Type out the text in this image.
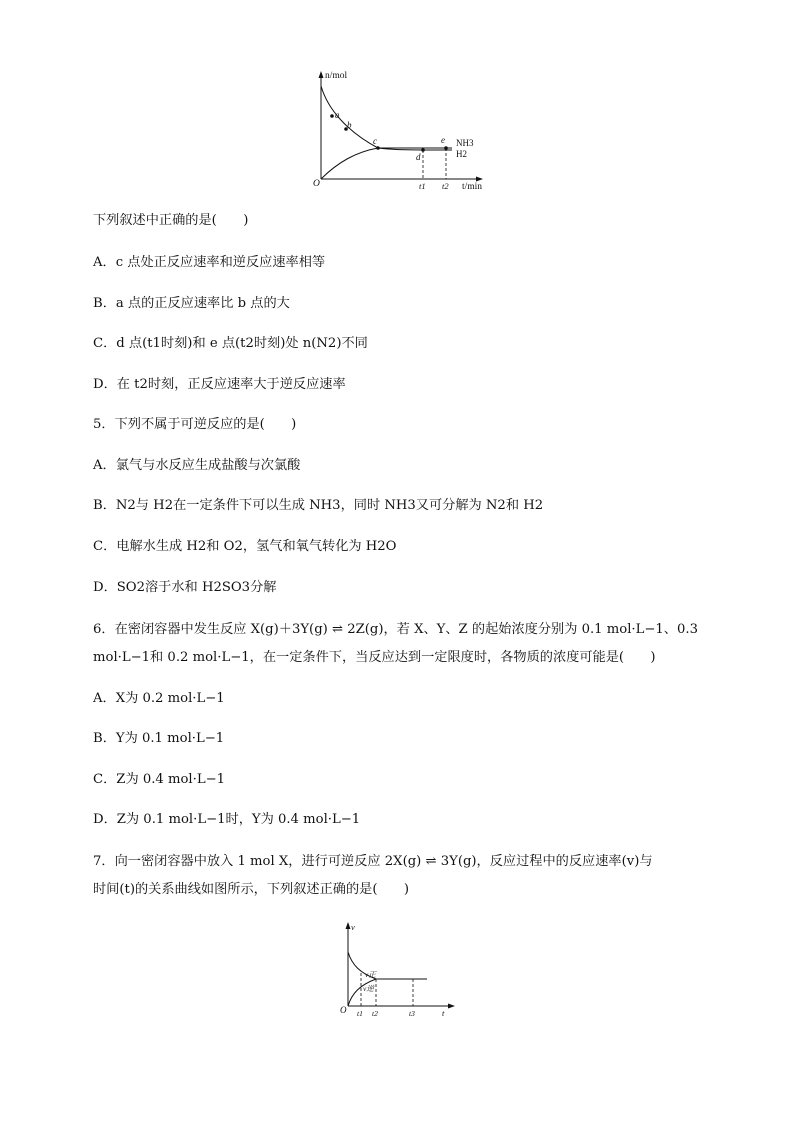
n/mol
t/min
O
a
b
c
d
e NH3
H2
t1 t2
下列叙述中正确的是(　　)
A．c 点处正反应速率和逆反应速率相等
B．a 点的正反应速率比 b 点的大
C．d 点(t1时刻)和 e 点(t2时刻)处 n(N2)不同
D．在 t2时刻，正反应速率大于逆反应速率
5．下列不属于可逆反应的是(　　)
A．氯气与水反应生成盐酸与次氯酸
B．N2与 H2在一定条件下可以生成 NH3，同时 NH3又可分解为 N2和 H2
C．电解水生成 H2和 O2，氢气和氧气转化为 H2O
D．SO2溶于水和 H2SO3分解
6．在密闭容器中发生反应 X(g)＋3Y(g) ⇌ 2Z(g)，若 X、Y、Z 的起始浓度分别为 0.1 mol·L−1、0.3
mol·L−1和 0.2 mol·L−1，在一定条件下，当反应达到一定限度时，各物质的浓度可能是(　　)
A．X为 0.2 mol·L−1
B．Y为 0.1 mol·L−1
C．Z为 0.4 mol·L−1
D．Z为 0.1 mol·L−1时，Y为 0.4 mol·L−1
7．向一密闭容器中放入 1 mol X，进行可逆反应 2X(g) ⇌ 3Y(g)，反应过程中的反应速率(v)与
时间(t)的关系曲线如图所示，下列叙述正确的是(　　)
v
t
O
v正
v逆
t1 t2	t3
